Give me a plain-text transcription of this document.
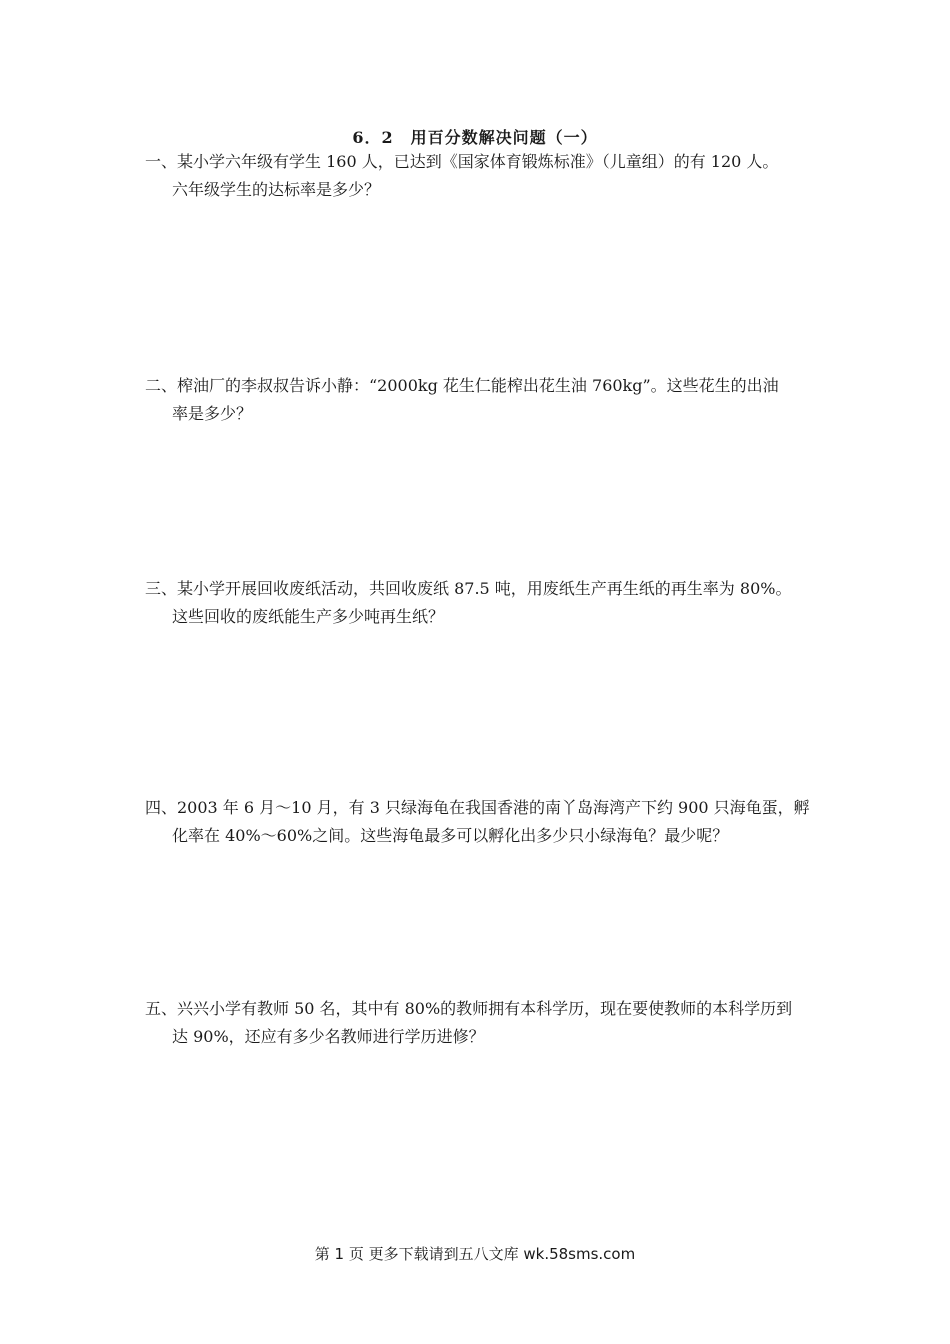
6．2　用百分数解决问题（一）
一、某小学六年级有学生 160 人，已达到《国家体育锻炼标准》（儿童组）的有 120 人。
六年级学生的达标率是多少？
二、榨油厂的李叔叔告诉小静：“2000kg 花生仁能榨出花生油 760kg”。这些花生的出油
率是多少？
三、某小学开展回收废纸活动，共回收废纸 87.5 吨，用废纸生产再生纸的再生率为 80%。
这些回收的废纸能生产多少吨再生纸？
四、2003 年 6 月～10 月，有 3 只绿海龟在我国香港的南丫岛海湾产下约 900 只海龟蛋，孵
化率在 40%～60%之间。这些海龟最多可以孵化出多少只小绿海龟？最少呢？
五、兴兴小学有教师 50 名，其中有 80%的教师拥有本科学历，现在要使教师的本科学历到
达 90%，还应有多少名教师进行学历进修？
第 1 页 更多下载请到五八文库 wk.58sms.com
